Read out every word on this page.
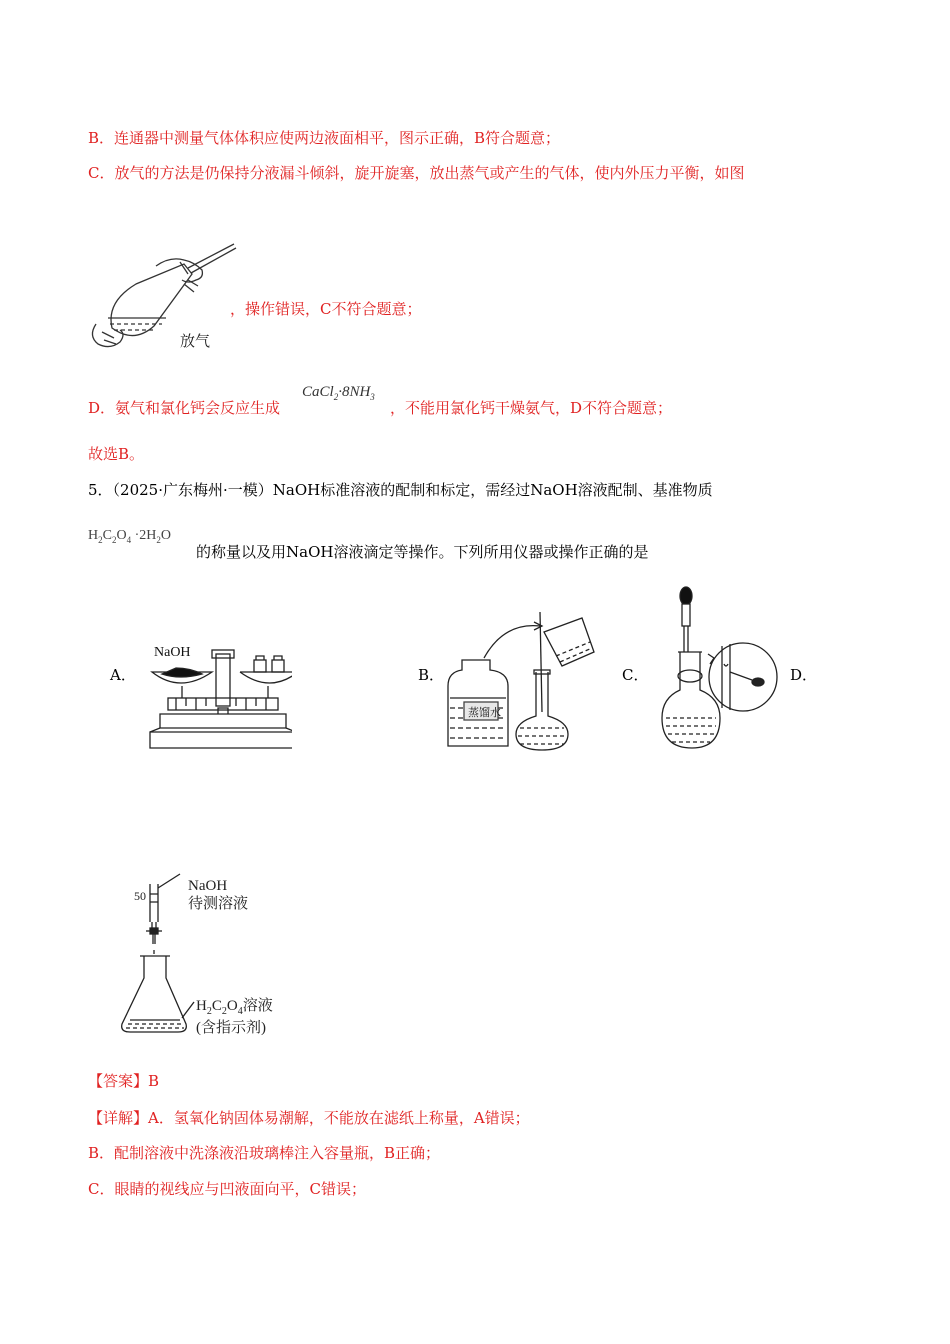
B．连通器中测量气体体积应使两边液面相平，图示正确，B符合题意；
C．放气的方法是仍保持分液漏斗倾斜，旋开旋塞，放出蒸气或产生的气体，使内外压力平衡，如图
放气
，操作错误，C不符合题意；
$CaCl_2\cdot 8NH_3$
D．氨气和氯化钙会反应生成	，不能用氯化钙干燥氨气，D不符合题意；
故选B。
5．（2025·广东梅州·一模）NaOH标准溶液的配制和标定，需经过NaOH溶液配制、基准物质
$H_2C_2O_4 \cdot 2H_2O$
的称量以及用NaOH溶液滴定等操作。下列所用仪器或操作正确的是
A．	B．	C．	D．
NaOH
蒸馏水
50
NaOH
待测溶液
$H_2C_2O_4$溶液
(含指示剂)
【答案】B
【详解】A．氢氧化钠固体易潮解，不能放在滤纸上称量，A错误；
B．配制溶液中洗涤液沿玻璃棒注入容量瓶，B正确；
C．眼睛的视线应与凹液面向平，C错误；
